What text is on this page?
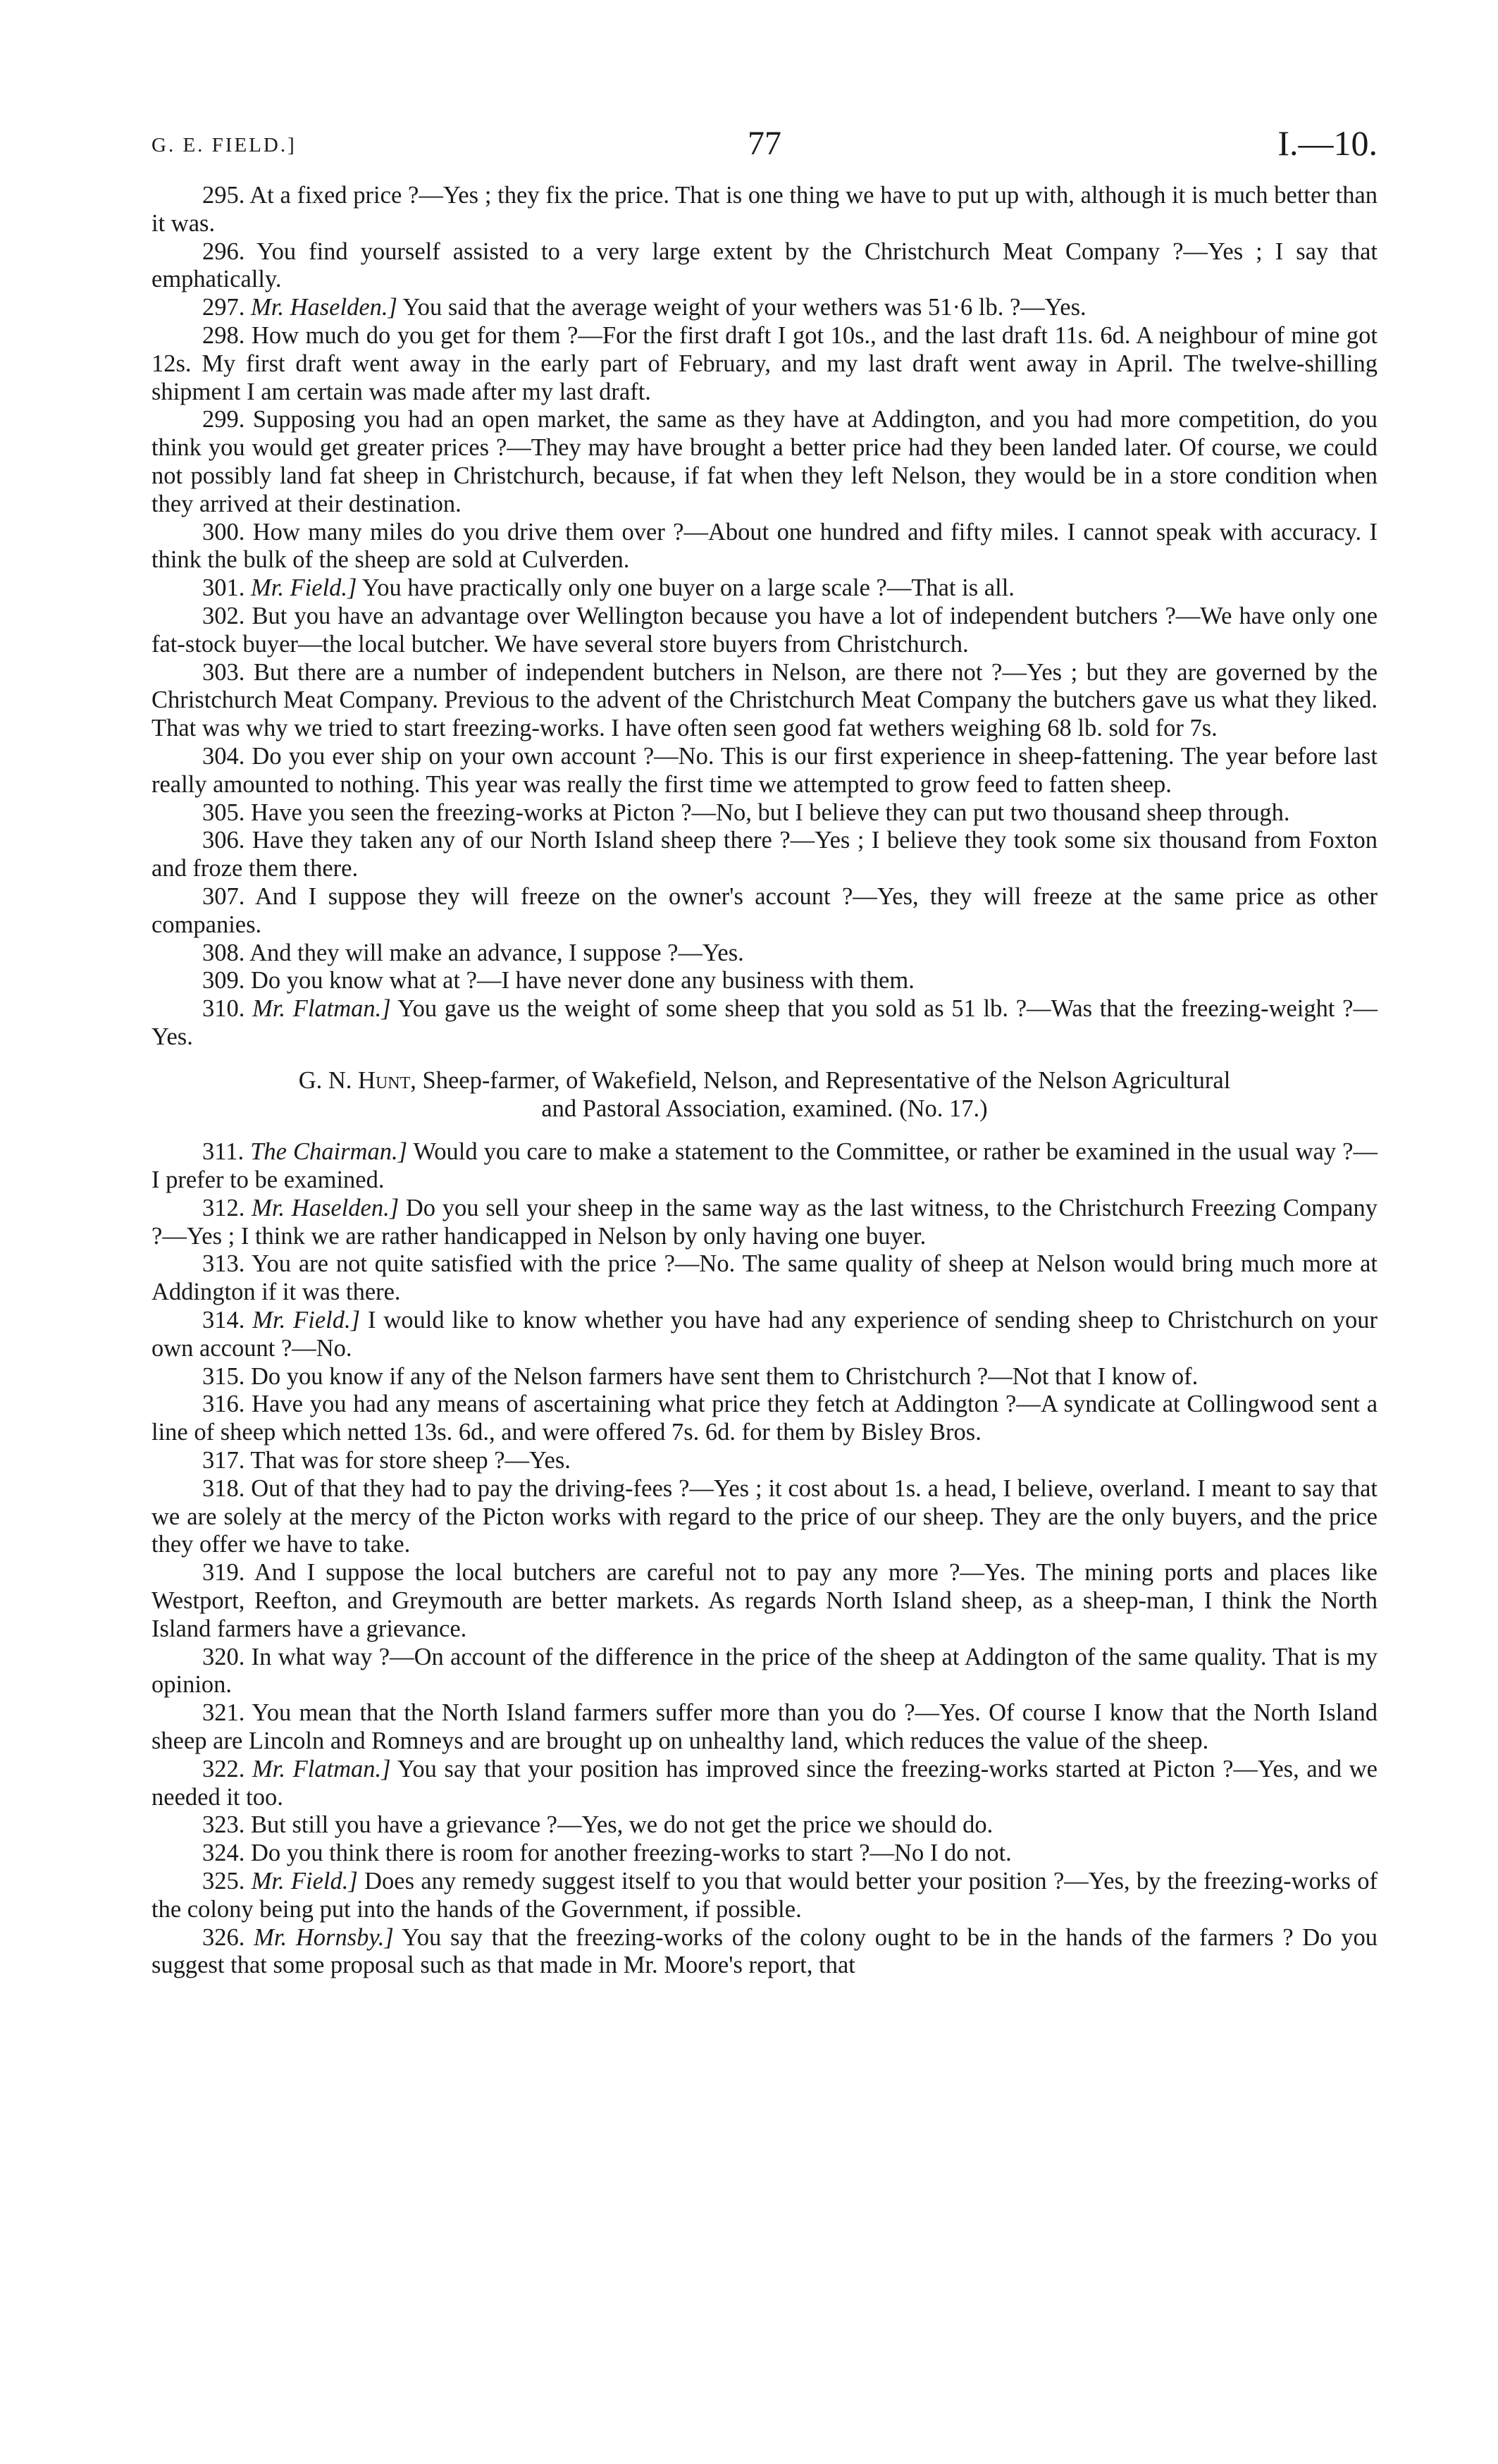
G. E. FIELD.]	77	I.—10.

295. At a fixed price ?—Yes ; they fix the price. That is one thing we have to put up with, although it is much better than it was.

296. You find yourself assisted to a very large extent by the Christchurch Meat Company ?—Yes ; I say that emphatically.

297. Mr. Haselden.] You said that the average weight of your wethers was 51·6 lb. ?—Yes.

298. How much do you get for them ?—For the first draft I got 10s., and the last draft 11s. 6d. A neighbour of mine got 12s. My first draft went away in the early part of February, and my last draft went away in April. The twelve-shilling shipment I am certain was made after my last draft.

299. Supposing you had an open market, the same as they have at Addington, and you had more competition, do you think you would get greater prices ?—They may have brought a better price had they been landed later. Of course, we could not possibly land fat sheep in Christchurch, because, if fat when they left Nelson, they would be in a store condition when they arrived at their destination.

300. How many miles do you drive them over ?—About one hundred and fifty miles. I cannot speak with accuracy. I think the bulk of the sheep are sold at Culverden.

301. Mr. Field.] You have practically only one buyer on a large scale ?—That is all.

302. But you have an advantage over Wellington because you have a lot of independent butchers ?—We have only one fat-stock buyer—the local butcher. We have several store buyers from Christchurch.

303. But there are a number of independent butchers in Nelson, are there not ?—Yes ; but they are governed by the Christchurch Meat Company. Previous to the advent of the Christchurch Meat Company the butchers gave us what they liked. That was why we tried to start freezing-works. I have often seen good fat wethers weighing 68 lb. sold for 7s.

304. Do you ever ship on your own account ?—No. This is our first experience in sheep-fattening. The year before last really amounted to nothing. This year was really the first time we attempted to grow feed to fatten sheep.

305. Have you seen the freezing-works at Picton ?—No, but I believe they can put two thousand sheep through.

306. Have they taken any of our North Island sheep there ?—Yes ; I believe they took some six thousand from Foxton and froze them there.

307. And I suppose they will freeze on the owner's account ?—Yes, they will freeze at the same price as other companies.

308. And they will make an advance, I suppose ?—Yes.

309. Do you know what at ?—I have never done any business with them.

310. Mr. Flatman.] You gave us the weight of some sheep that you sold as 51 lb. ?—Was that the freezing-weight ?—Yes.

G. N. Hunt, Sheep-farmer, of Wakefield, Nelson, and Representative of the Nelson Agricultural
and Pastoral Association, examined. (No. 17.)

311. The Chairman.] Would you care to make a statement to the Committee, or rather be examined in the usual way ?—I prefer to be examined.

312. Mr. Haselden.] Do you sell your sheep in the same way as the last witness, to the Christchurch Freezing Company ?—Yes ; I think we are rather handicapped in Nelson by only having one buyer.

313. You are not quite satisfied with the price ?—No. The same quality of sheep at Nelson would bring much more at Addington if it was there.

314. Mr. Field.] I would like to know whether you have had any experience of sending sheep to Christchurch on your own account ?—No.

315. Do you know if any of the Nelson farmers have sent them to Christchurch ?—Not that I know of.

316. Have you had any means of ascertaining what price they fetch at Addington ?—A syndicate at Collingwood sent a line of sheep which netted 13s. 6d., and were offered 7s. 6d. for them by Bisley Bros.

317. That was for store sheep ?—Yes.

318. Out of that they had to pay the driving-fees ?—Yes ; it cost about 1s. a head, I believe, overland. I meant to say that we are solely at the mercy of the Picton works with regard to the price of our sheep. They are the only buyers, and the price they offer we have to take.

319. And I suppose the local butchers are careful not to pay any more ?—Yes. The mining ports and places like Westport, Reefton, and Greymouth are better markets. As regards North Island sheep, as a sheep-man, I think the North Island farmers have a grievance.

320. In what way ?—On account of the difference in the price of the sheep at Addington of the same quality. That is my opinion.

321. You mean that the North Island farmers suffer more than you do ?—Yes. Of course I know that the North Island sheep are Lincoln and Romneys and are brought up on unhealthy land, which reduces the value of the sheep.

322. Mr. Flatman.] You say that your position has improved since the freezing-works started at Picton ?—Yes, and we needed it too.

323. But still you have a grievance ?—Yes, we do not get the price we should do.

324. Do you think there is room for another freezing-works to start ?—No I do not.

325. Mr. Field.] Does any remedy suggest itself to you that would better your position ?—Yes, by the freezing-works of the colony being put into the hands of the Government, if possible.

326. Mr. Hornsby.] You say that the freezing-works of the colony ought to be in the hands of the farmers ? Do you suggest that some proposal such as that made in Mr. Moore's report, that
